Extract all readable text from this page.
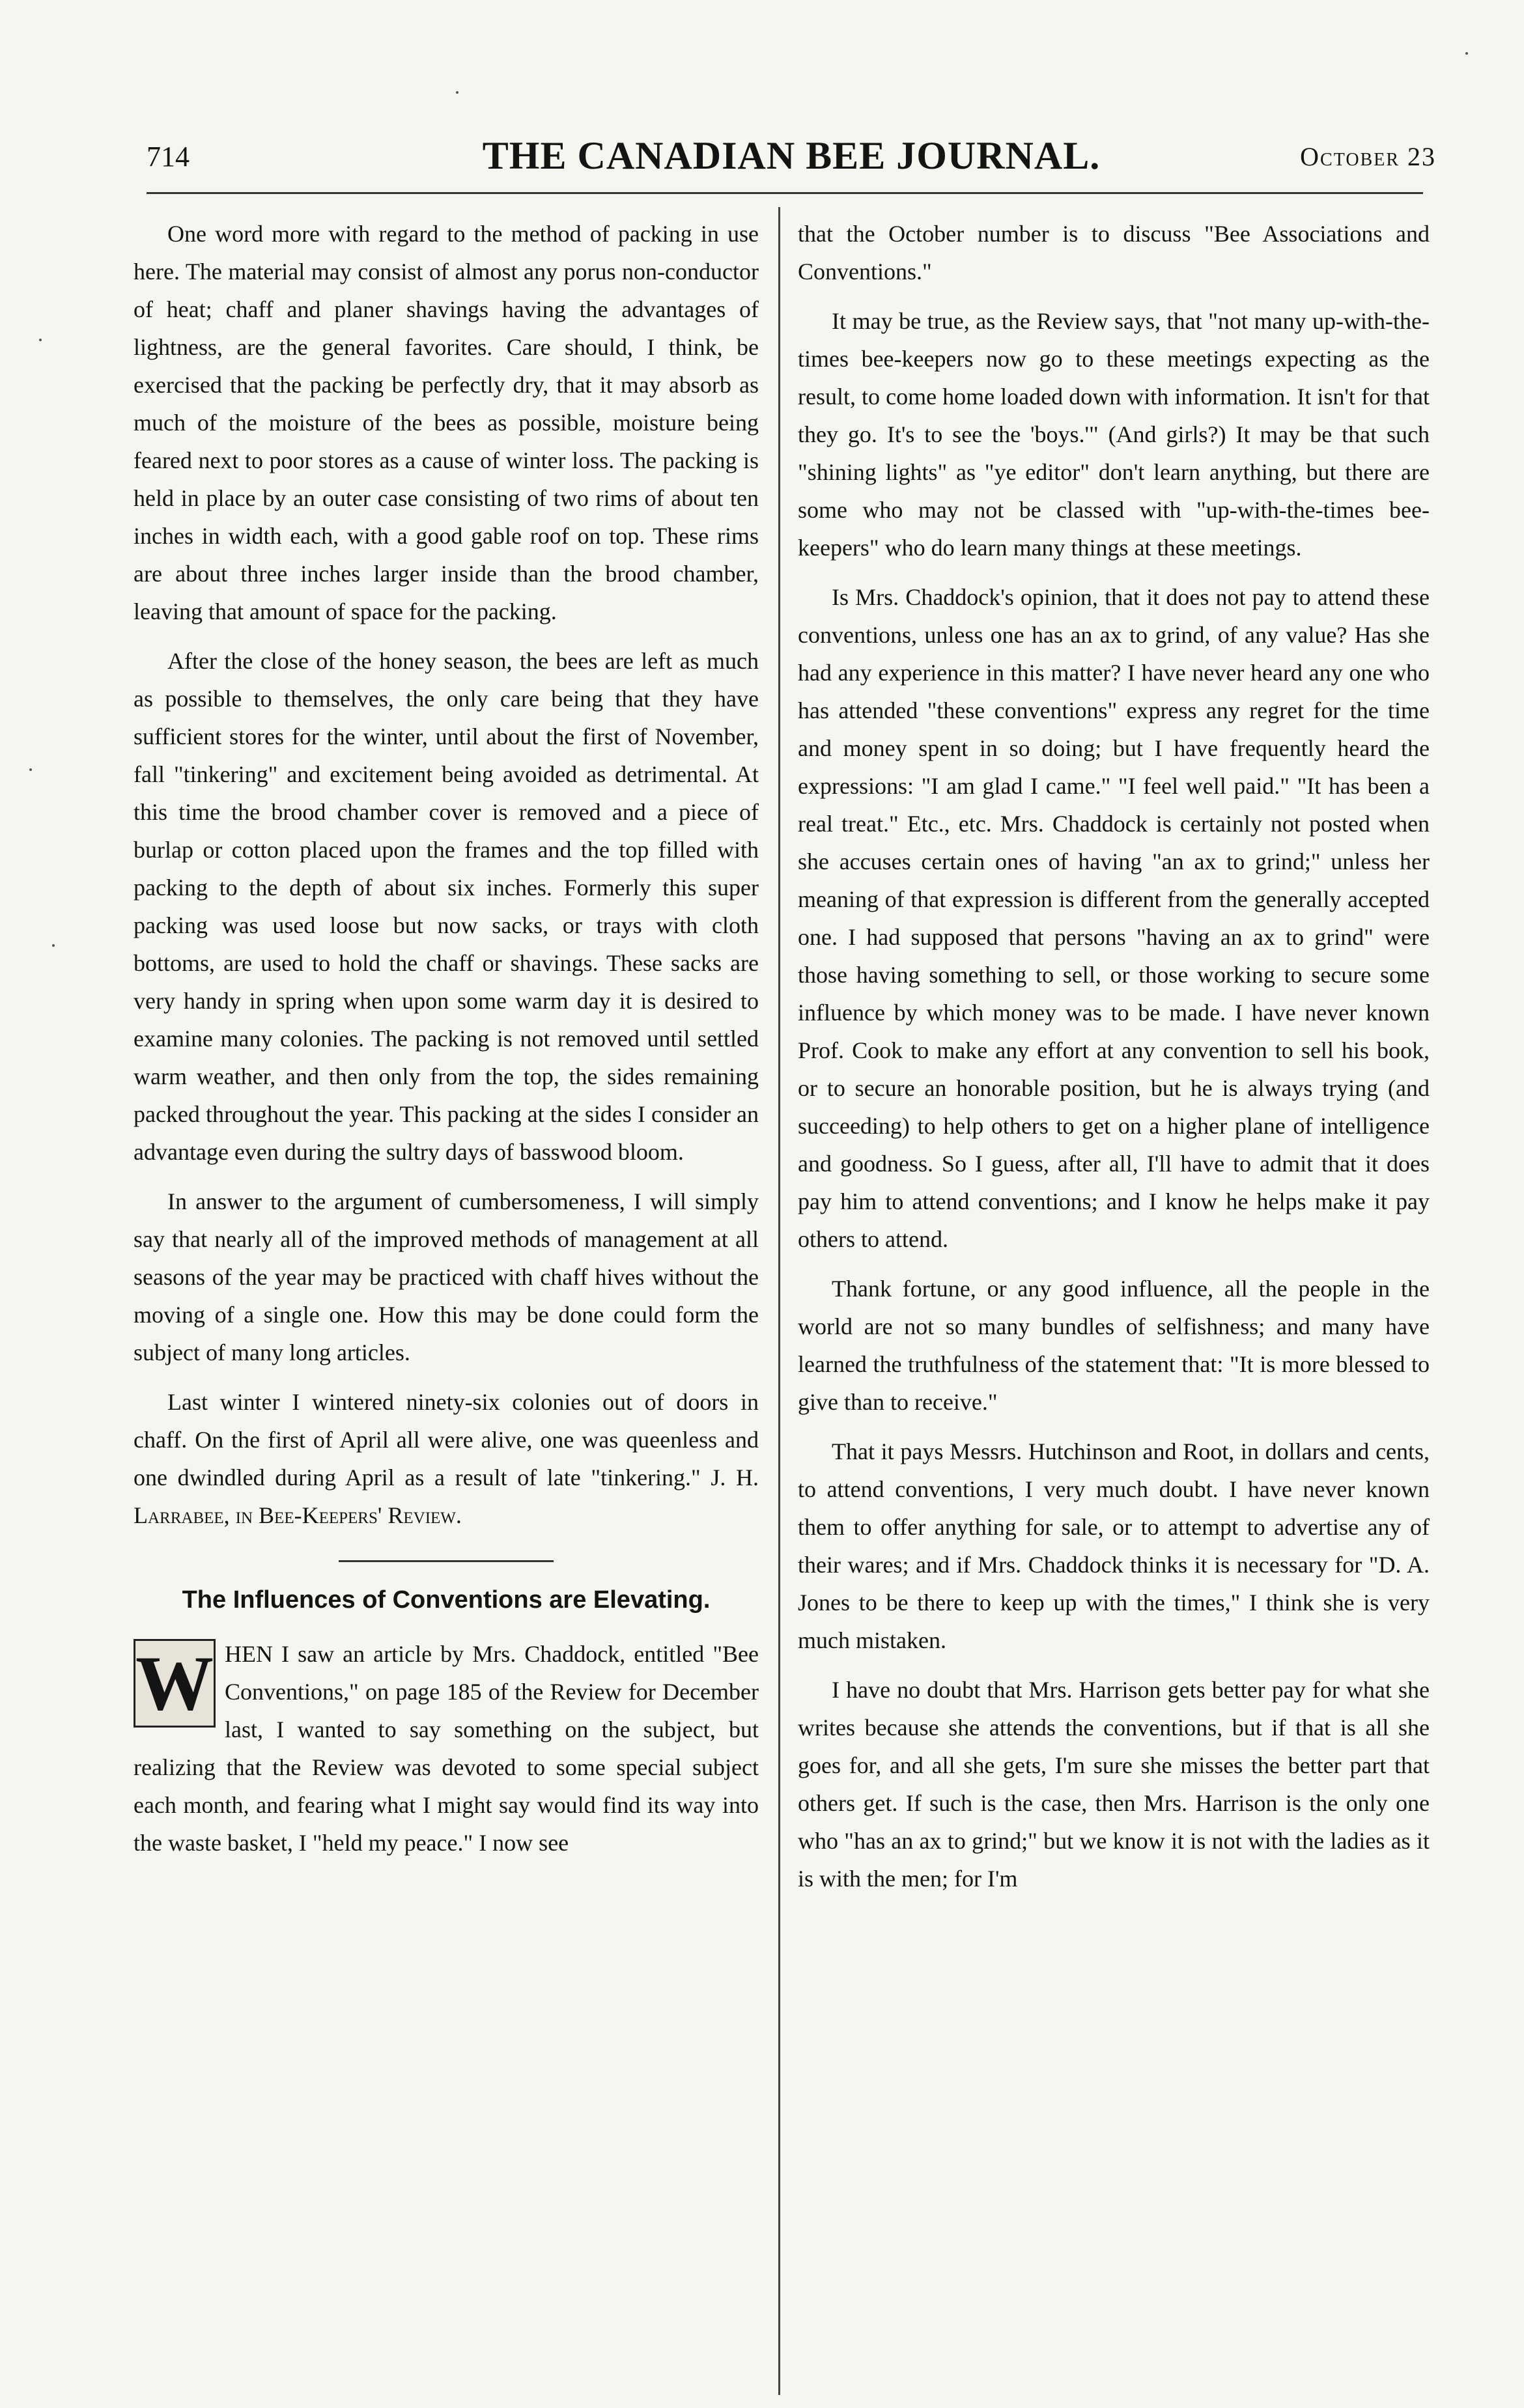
714	THE CANADIAN BEE JOURNAL.	October 23

One word more with regard to the method of packing in use here. The material may consist of almost any porus non-conductor of heat; chaff and planer shavings having the advantages of lightness, are the general favorites. Care should, I think, be exercised that the packing be perfectly dry, that it may absorb as much of the moisture of the bees as possible, moisture being feared next to poor stores as a cause of winter loss. The packing is held in place by an outer case consisting of two rims of about ten inches in width each, with a good gable roof on top. These rims are about three inches larger inside than the brood chamber, leaving that amount of space for the packing.

After the close of the honey season, the bees are left as much as possible to themselves, the only care being that they have sufficient stores for the winter, until about the first of November, fall "tinkering" and excitement being avoided as detrimental. At this time the brood chamber cover is removed and a piece of burlap or cotton placed upon the frames and the top filled with packing to the depth of about six inches. Formerly this super packing was used loose but now sacks, or trays with cloth bottoms, are used to hold the chaff or shavings. These sacks are very handy in spring when upon some warm day it is desired to examine many colonies. The packing is not removed until settled warm weather, and then only from the top, the sides remaining packed throughout the year. This packing at the sides I consider an advantage even during the sultry days of basswood bloom.

In answer to the argument of cumbersomeness, I will simply say that nearly all of the improved methods of management at all seasons of the year may be practiced with chaff hives without the moving of a single one. How this may be done could form the subject of many long articles.

Last winter I wintered ninety-six colonies out of doors in chaff. On the first of April all were alive, one was queenless and one dwindled during April as a result of late "tinkering." J. H. Larrabee, in Bee-Keepers' Review.

The Influences of Conventions are Elevating.
W HEN I saw an article by Mrs. Chaddock, entitled "Bee Conventions," on page 185 of the Review for December last, I wanted to say something on the subject, but realizing that the Review was devoted to some special subject each month, and fearing what I might say would find its way into the waste basket, I "held my peace." I now see

that the October number is to discuss "Bee Associations and Conventions."

It may be true, as the Review says, that "not many up-with-the-times bee-keepers now go to these meetings expecting as the result, to come home loaded down with information. It isn't for that they go. It's to see the 'boys.'" (And girls?) It may be that such "shining lights" as "ye editor" don't learn anything, but there are some who may not be classed with "up-with-the-times bee-keepers" who do learn many things at these meetings.

Is Mrs. Chaddock's opinion, that it does not pay to attend these conventions, unless one has an ax to grind, of any value? Has she had any experience in this matter? I have never heard any one who has attended "these conventions" express any regret for the time and money spent in so doing; but I have frequently heard the expressions: "I am glad I came." "I feel well paid." "It has been a real treat." Etc., etc. Mrs. Chaddock is certainly not posted when she accuses certain ones of having "an ax to grind;" unless her meaning of that expression is different from the generally accepted one. I had supposed that persons "having an ax to grind" were those having something to sell, or those working to secure some influence by which money was to be made. I have never known Prof. Cook to make any effort at any convention to sell his book, or to secure an honorable position, but he is always trying (and succeeding) to help others to get on a higher plane of intelligence and goodness. So I guess, after all, I'll have to admit that it does pay him to attend conventions; and I know he helps make it pay others to attend.

Thank fortune, or any good influence, all the people in the world are not so many bundles of selfishness; and many have learned the truthfulness of the statement that: "It is more blessed to give than to receive."

That it pays Messrs. Hutchinson and Root, in dollars and cents, to attend conventions, I very much doubt. I have never known them to offer anything for sale, or to attempt to advertise any of their wares; and if Mrs. Chaddock thinks it is necessary for "D. A. Jones to be there to keep up with the times," I think she is very much mistaken.

I have no doubt that Mrs. Harrison gets better pay for what she writes because she attends the conventions, but if that is all she goes for, and all she gets, I'm sure she misses the better part that others get. If such is the case, then Mrs. Harrison is the only one who "has an ax to grind;" but we know it is not with the ladies as it is with the men; for I'm
